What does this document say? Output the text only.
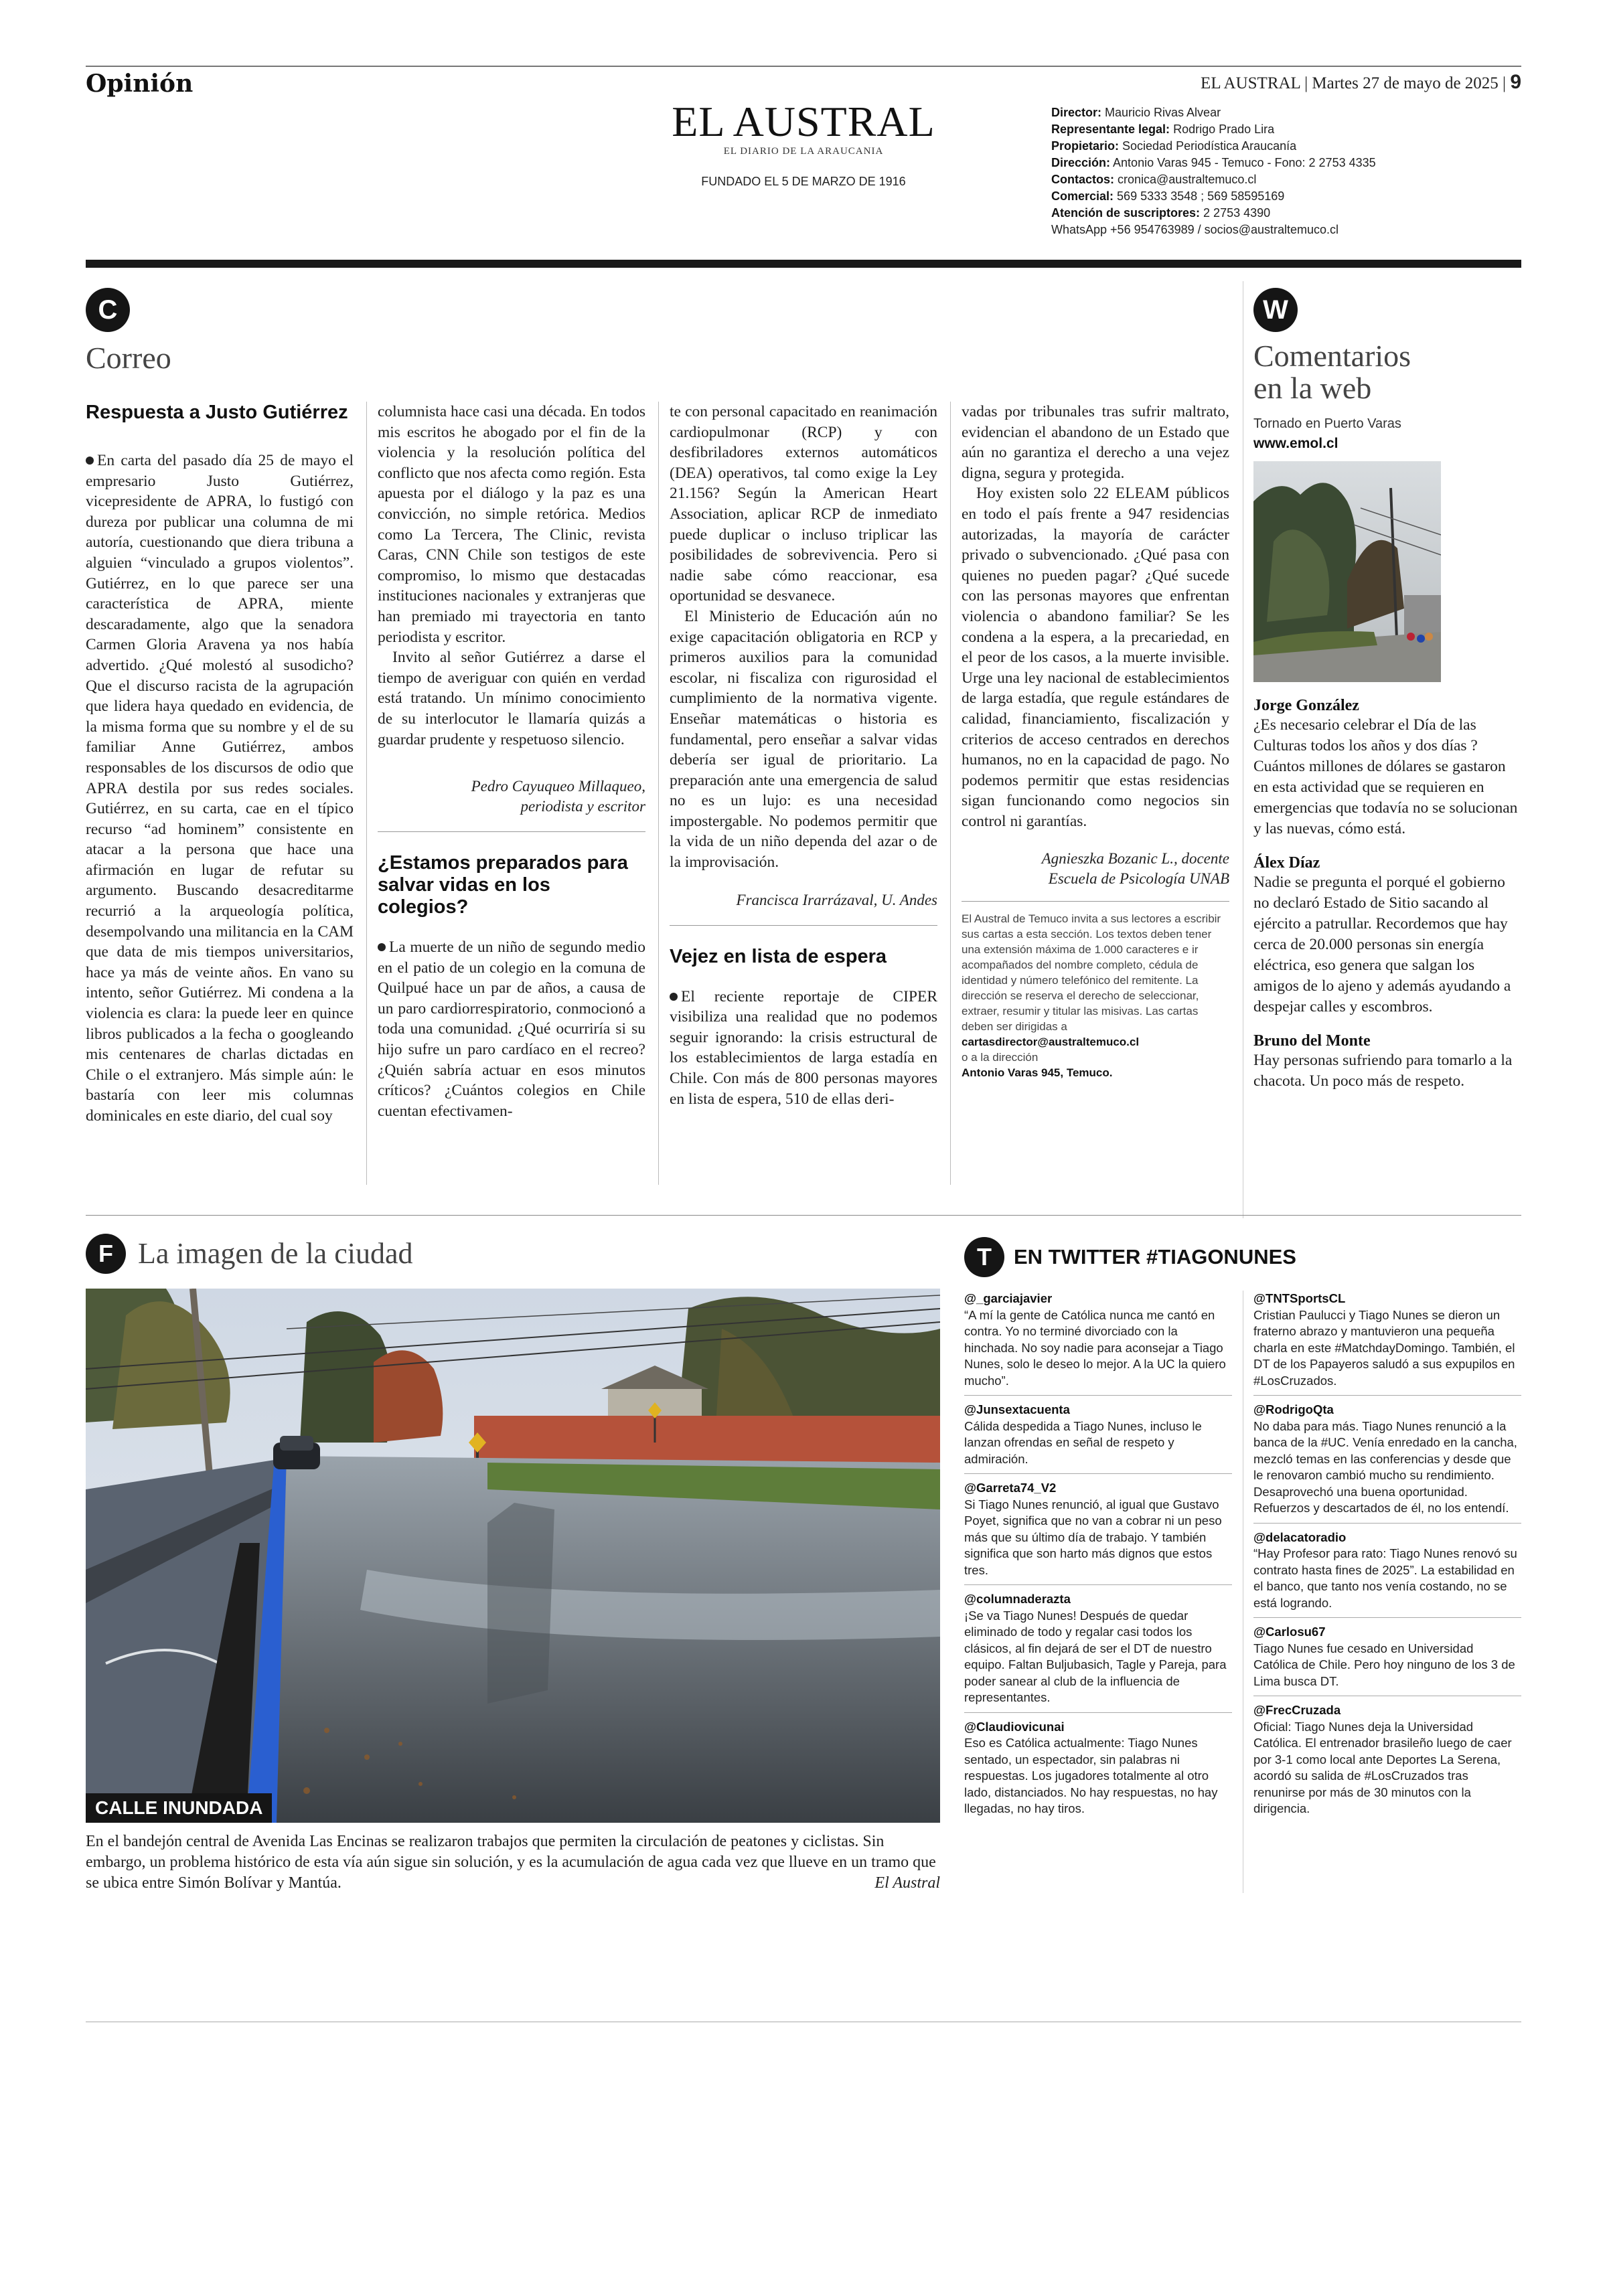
Opinión	EL AUSTRAL | Martes 27 de mayo de 2025 | 9
EL AUSTRAL
EL DIARIO DE LA ARAUCANIA
FUNDADO EL 5 DE MARZO DE 1916
Director: Mauricio Rivas Alvear
Representante legal: Rodrigo Prado Lira
Propietario: Sociedad Periodística Araucanía
Dirección: Antonio Varas 945 - Temuco - Fono: 2 2753 4335
Contactos: cronica@australtemuco.cl
Comercial: 569 5333 3548 ; 569 58595169
Atención de suscriptores: 2 2753 4390
WhatsApp +56 954763989 / socios@australtemuco.cl
C
Correo
Respuesta a Justo Gutiérrez
En carta del pasado día 25 de mayo el empresario Justo Gutiérrez, vicepresidente de APRA, lo fustigó con dureza por publicar una columna de mi autoría, cuestionando que diera tribuna a alguien “vinculado a grupos violentos”. Gutiérrez, en lo que parece ser una característica de APRA, miente descaradamente, algo que la senadora Carmen Gloria Aravena ya nos había advertido. ¿Qué molestó al susodicho? Que el discurso racista de la agrupación que lidera haya quedado en evidencia, de la misma forma que su nombre y el de su familiar Anne Gutiérrez, ambos responsables de los discursos de odio que APRA destila por sus redes sociales. Gutiérrez, en su carta, cae en el típico recurso “ad hominem” consistente en atacar a la persona que hace una afirmación en lugar de refutar su argumento. Buscando desacreditarme recurrió a la arqueología política, desempolvando una militancia en la CAM que data de mis tiempos universitarios, hace ya más de veinte años. En vano su intento, señor Gutiérrez. Mi condena a la violencia es clara: la puede leer en quince libros publicados a la fecha o googleando mis centenares de charlas dictadas en Chile o el extranjero. Más simple aún: le bastaría con leer mis columnas dominicales en este diario, del cual soy
columnista hace casi una década. En todos mis escritos he abogado por el fin de la violencia y la resolución política del conflicto que nos afecta como región. Esta apuesta por el diálogo y la paz es una convicción, no simple retórica. Medios como La Tercera, The Clinic, revista Caras, CNN Chile son testigos de este compromiso, lo mismo que destacadas instituciones nacionales y extranjeras que han premiado mi trayectoria en tanto periodista y escritor.
Invito al señor Gutiérrez a darse el tiempo de averiguar con quién en verdad está tratando. Un mínimo conocimiento de su interlocutor le llamaría quizás a guardar prudente y respetuoso silencio.
Pedro Cayuqueo Millaqueo,
periodista y escritor
¿Estamos preparados para salvar vidas en los colegios?
La muerte de un niño de segundo medio en el patio de un colegio en la comuna de Quilpué hace un par de años, a causa de un paro cardiorrespiratorio, conmocionó a toda una comunidad. ¿Qué ocurriría si su hijo sufre un paro cardíaco en el recreo? ¿Quién sabría actuar en esos minutos críticos? ¿Cuántos colegios en Chile cuentan efectivamen-
te con personal capacitado en reanimación cardiopulmonar (RCP) y con desfibriladores externos automáticos (DEA) operativos, tal como exige la Ley 21.156? Según la American Heart Association, aplicar RCP de inmediato puede duplicar o incluso triplicar las posibilidades de sobrevivencia. Pero si nadie sabe cómo reaccionar, esa oportunidad se desvanece.
El Ministerio de Educación aún no exige capacitación obligatoria en RCP y primeros auxilios para la comunidad escolar, ni fiscaliza con rigurosidad el cumplimiento de la normativa vigente. Enseñar matemáticas o historia es fundamental, pero enseñar a salvar vidas debería ser igual de prioritario. La preparación ante una emergencia de salud no es un lujo: es una necesidad impostergable. No podemos permitir que la vida de un niño dependa del azar o de la improvisación.
Francisca Irarrázaval, U. Andes
Vejez en lista de espera
El reciente reportaje de CIPER visibiliza una realidad que no podemos seguir ignorando: la crisis estructural de los establecimientos de larga estadía en Chile. Con más de 800 personas mayores en lista de espera, 510 de ellas deri-
vadas por tribunales tras sufrir maltrato, evidencian el abandono de un Estado que aún no garantiza el derecho a una vejez digna, segura y protegida.
Hoy existen solo 22 ELEAM públicos en todo el país frente a 947 residencias autorizadas, la mayoría de carácter privado o subvencionado. ¿Qué pasa con quienes no pueden pagar? ¿Qué sucede con las personas mayores que enfrentan violencia o abandono familiar? Se les condena a la espera, a la precariedad, en el peor de los casos, a la muerte invisible. Urge una ley nacional de establecimientos de larga estadía, que regule estándares de calidad, financiamiento, fiscalización y criterios de acceso centrados en derechos humanos, no en la capacidad de pago. No podemos permitir que estas residencias sigan funcionando como negocios sin control ni garantías.
Agnieszka Bozanic L., docente
Escuela de Psicología UNAB
El Austral de Temuco invita a sus lectores a escribir sus cartas a esta sección. Los textos deben tener una extensión máxima de 1.000 caracteres e ir acompañados del nombre completo, cédula de identidad y número telefónico del remitente. La dirección se reserva el derecho de seleccionar, extraer, resumir y titular las misivas. Las cartas deben ser dirigidas a
cartasdirector@australtemuco.cl
o a la dirección
Antonio Varas 945, Temuco.
W
Comentarios
en la web
Tornado en Puerto Varas
www.emol.cl
Jorge González
¿Es necesario celebrar el Día de las Culturas todos los años y dos días ? Cuántos millones de dólares se gastaron en esta actividad que se requieren en emergencias que todavía no se solucionan y las nuevas, cómo está.
Álex Díaz
Nadie se pregunta el porqué el gobierno no declaró Estado de Sitio sacando al ejército a patrullar. Recordemos que hay cerca de 20.000 personas sin energía eléctrica, eso genera que salgan los amigos de lo ajeno y además ayudando a despejar calles y escombros.
Bruno del Monte
Hay personas sufriendo para tomarlo a la chacota. Un poco más de respeto.
F La imagen de la ciudad
CALLE INUNDADA
En el bandejón central de Avenida Las Encinas se realizaron trabajos que permiten la circulación de peatones y ciclistas. Sin embargo, un problema histórico de esta vía aún sigue sin solución, y es la acumulación de agua cada vez que llueve en un tramo que se ubica entre Simón Bolívar y Mantúa.	El Austral
T	EN TWITTER #TIAGONUNES
@_garciajavier
“A mí la gente de Católica nunca me cantó en contra. Yo no terminé divorciado con la hinchada. No soy nadie para aconsejar a Tiago Nunes, solo le deseo lo mejor. A la UC la quiero mucho”.
@Junsextacuenta
Cálida despedida a Tiago Nunes, incluso le lanzan ofrendas en señal de respeto y admiración.
@Garreta74_V2
Si Tiago Nunes renunció, al igual que Gustavo Poyet, significa que no van a cobrar ni un peso más que su último día de trabajo. Y también significa que son harto más dignos que estos tres.
@columnaderazta
¡Se va Tiago Nunes! Después de quedar eliminado de todo y regalar casi todos los clásicos, al fin dejará de ser el DT de nuestro equipo. Faltan Buljubasich, Tagle y Pareja, para poder sanear al club de la influencia de representantes.
@Claudiovicunai
Eso es Católica actualmente: Tiago Nunes sentado, un espectador, sin palabras ni respuestas. Los jugadores totalmente al otro lado, distanciados. No hay respuestas, no hay llegadas, no hay tiros.
@TNTSportsCL
Cristian Paulucci y Tiago Nunes se dieron un fraterno abrazo y mantuvieron una pequeña charla en este #MatchdayDomingo. También, el DT de los Papayeros saludó a sus expupilos en #LosCruzados.
@RodrigoQta
No daba para más. Tiago Nunes renunció a la banca de la #UC. Venía enredado en la cancha, mezcló temas en las conferencias y desde que le renovaron cambió mucho su rendimiento. Desaprovechó una buena oportunidad. Refuerzos y descartados de él, no los entendí.
@delacatoradio
“Hay Profesor para rato: Tiago Nunes renovó su contrato hasta fines de 2025”. La estabilidad en el banco, que tanto nos venía costando, no se está logrando.
@Carlosu67
Tiago Nunes fue cesado en Universidad Católica de Chile. Pero hoy ninguno de los 3 de Lima busca DT.
@FrecCruzada
Oficial: Tiago Nunes deja la Universidad Católica. El entrenador brasileño luego de caer por 3-1 como local ante Deportes La Serena, acordó su salida de #LosCruzados tras renunirse por más de 30 minutos con la dirigencia.
